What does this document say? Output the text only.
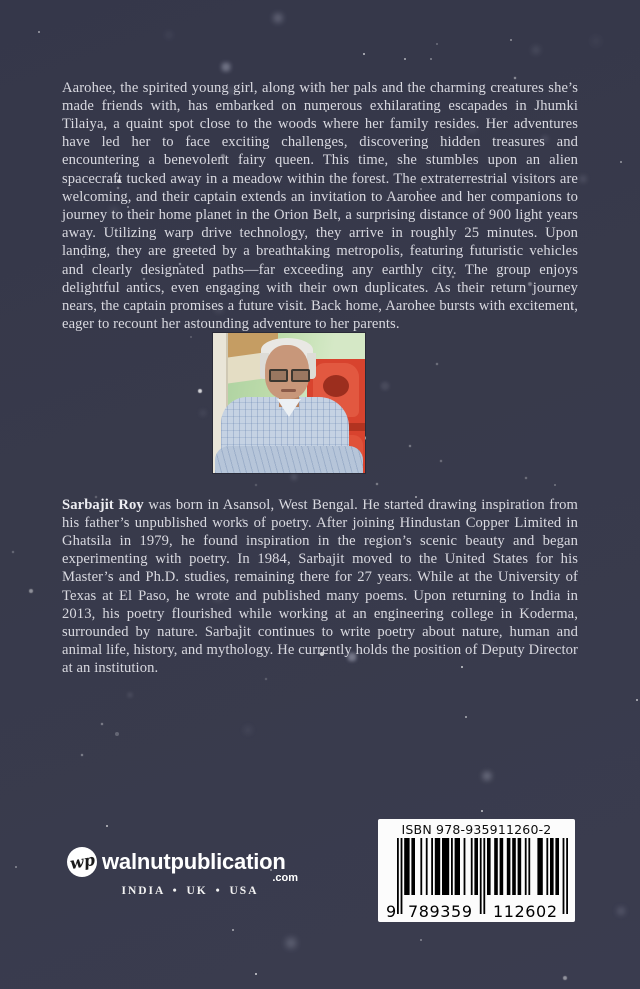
Aarohee, the spirited young girl, along with her pals and the charming creatures she’s made friends with, has embarked on numerous exhilarating escapades in Jhumki Tilaiya, a quaint spot close to the woods where her family resides. Her adventures have led her to face exciting challenges, discovering hidden treasures and encountering a benevolent fairy queen. This time, she stumbles upon an alien spacecraft tucked away in a meadow within the forest. The extraterrestrial visitors are welcoming, and their captain extends an invitation to Aarohee and her companions to journey to their home planet in the Orion Belt, a surprising distance of 900 light years away. Utilizing warp drive technology, they arrive in roughly 25 minutes. Upon landing, they are greeted by a breathtaking metropolis, featuring futuristic vehicles and clearly designated paths—far exceeding any earthly city. The group enjoys delightful antics, even engaging with their own duplicates. As their return journey nears, the captain promises a future visit. Back home, Aarohee bursts with excitement, eager to recount her astounding adventure to her parents.

Sarbajit Roy was born in Asansol, West Bengal. He started drawing inspiration from his father’s unpublished works of poetry. After joining Hindustan Copper Limited in Ghatsila in 1979, he found inspiration in the region’s scenic beauty and began experimenting with poetry. In 1984, Sarbajit moved to the United States for his Master’s and Ph.D. studies, remaining there for 27 years. While at the University of Texas at El Paso, he wrote and published many poems. Upon returning to India in 2013, his poetry flourished while working at an engineering college in Koderma, surrounded by nature. Sarbajit continues to write poetry about nature, human and animal life, history, and mythology. He currently holds the position of Deputy Director at an institution.

wp walnutpublication
.com
INDIA • UK • USA
ISBN 978-935911260-2
9 789359 112602
